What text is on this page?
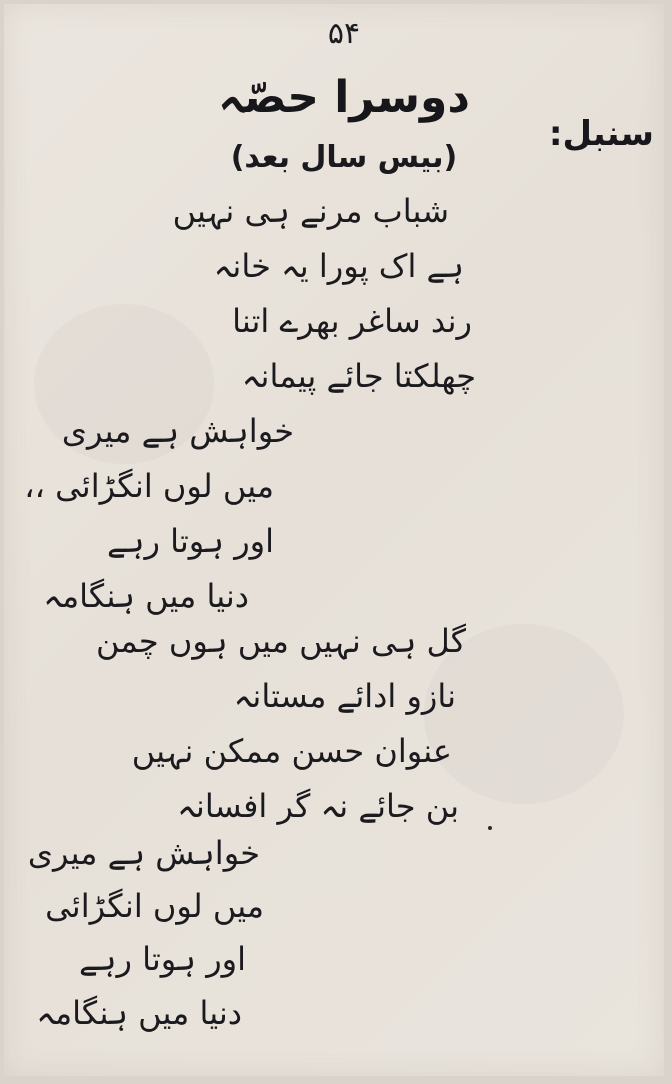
۵۴
دوسرا حصّہ
(بیس سال بعد)
سنبل:
شباب مرنے ہی نہیں
ہے اک پورا یہ خانہ
رند ساغر بھرے اتنا
چھلکتا جائے پیمانہ
خواہش ہے میری
میں لوں انگڑائی ،،
اور ہوتا رہے
دنیا میں ہنگامہ
گل ہی نہیں میں ہوں چمن
نازو ادائے مستانہ
عنوان حسن ممکن نہیں
بن جائے نہ گر افسانہ
خواہش ہے میری
میں لوں انگڑائی
اور ہوتا رہے
دنیا میں ہنگامہ
